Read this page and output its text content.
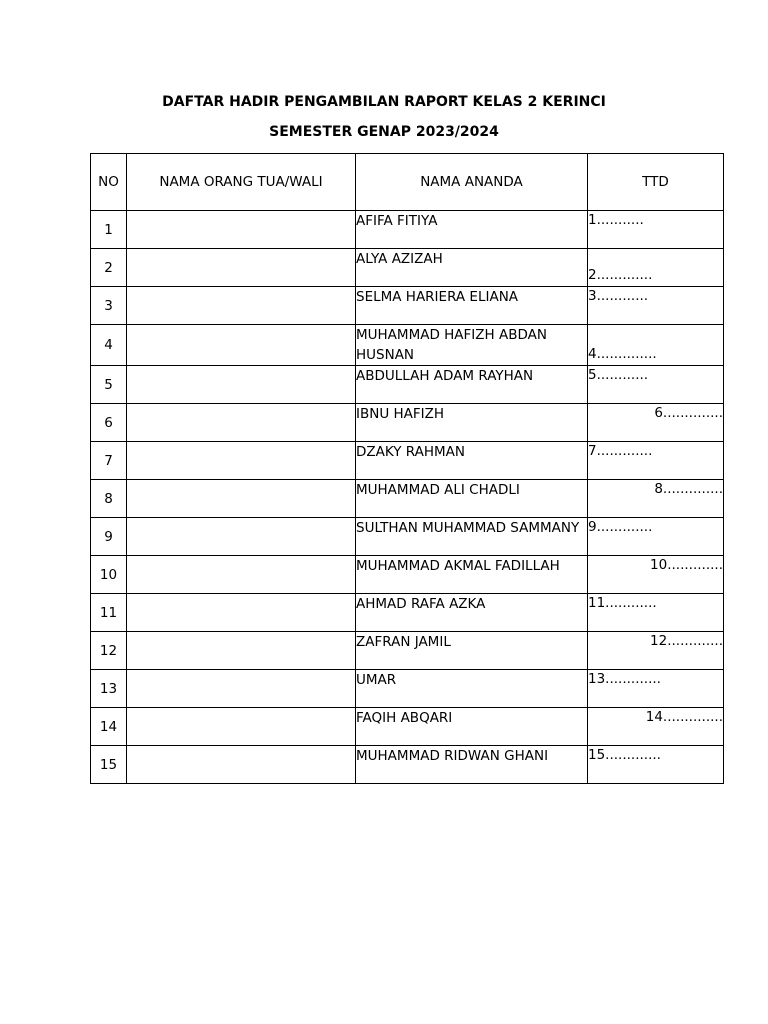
DAFTAR HADIR PENGAMBILAN RAPORT KELAS 2 KERINCI
SEMESTER GENAP 2023/2024
NO	NAMA ORANG TUA/WALI	NAMA ANANDA	TTD
1		AFIFA FITIYA	1...........
2		ALYA AZIZAH	2.............
3		SELMA HARIERA ELIANA	3............
4		MUHAMMAD HAFIZH ABDAN HUSNAN	4..............
5		ABDULLAH ADAM RAYHAN	5............
6		IBNU HAFIZH	6..............
7		DZAKY RAHMAN	7.............
8		MUHAMMAD ALI CHADLI	8..............
9		SULTHAN MUHAMMAD SAMMANY	9.............
10		MUHAMMAD AKMAL FADILLAH	10.............
11		AHMAD RAFA AZKA	11............
12		ZAFRAN JAMIL	12.............
13		UMAR	13.............
14		FAQIH ABQARI	14..............
15		MUHAMMAD RIDWAN GHANI	15.............
